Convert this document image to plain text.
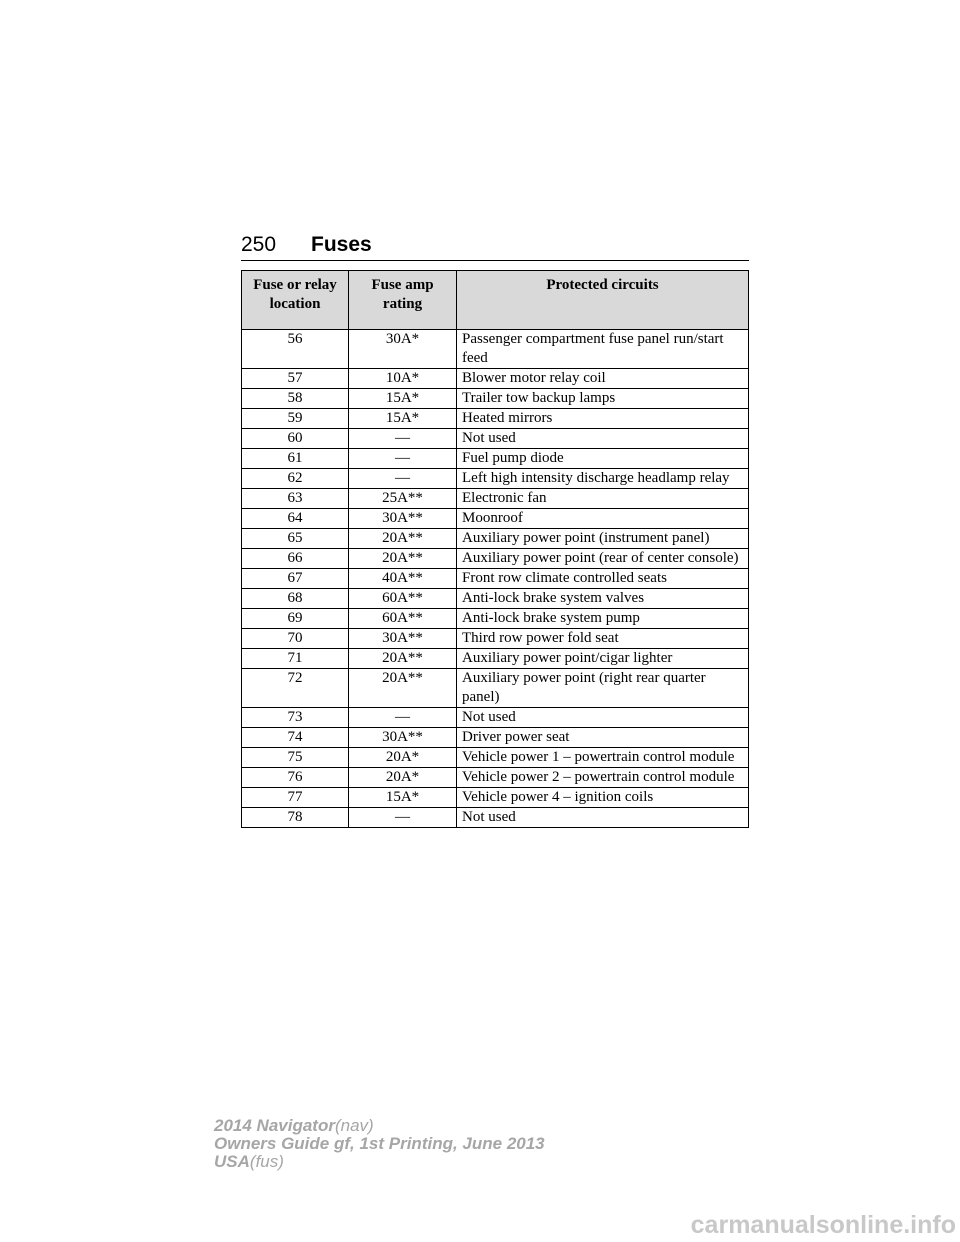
250 Fuses
Fuse or relay location	Fuse amp rating	Protected circuits
56	30A*	Passenger compartment fuse panel run/start feed
57	10A*	Blower motor relay coil
58	15A*	Trailer tow backup lamps
59	15A*	Heated mirrors
60	—	Not used
61	—	Fuel pump diode
62	—	Left high intensity discharge headlamp relay
63	25A**	Electronic fan
64	30A**	Moonroof
65	20A**	Auxiliary power point (instrument panel)
66	20A**	Auxiliary power point (rear of center console)
67	40A**	Front row climate controlled seats
68	60A**	Anti-lock brake system valves
69	60A**	Anti-lock brake system pump
70	30A**	Third row power fold seat
71	20A**	Auxiliary power point/cigar lighter
72	20A**	Auxiliary power point (right rear quarter panel)
73	—	Not used
74	30A**	Driver power seat
75	20A*	Vehicle power 1 – powertrain control module
76	20A*	Vehicle power 2 – powertrain control module
77	15A*	Vehicle power 4 – ignition coils
78	—	Not used
2014 Navigator(nav)
Owners Guide gf, 1st Printing, June 2013
USA(fus)
carmanualsonline.info
